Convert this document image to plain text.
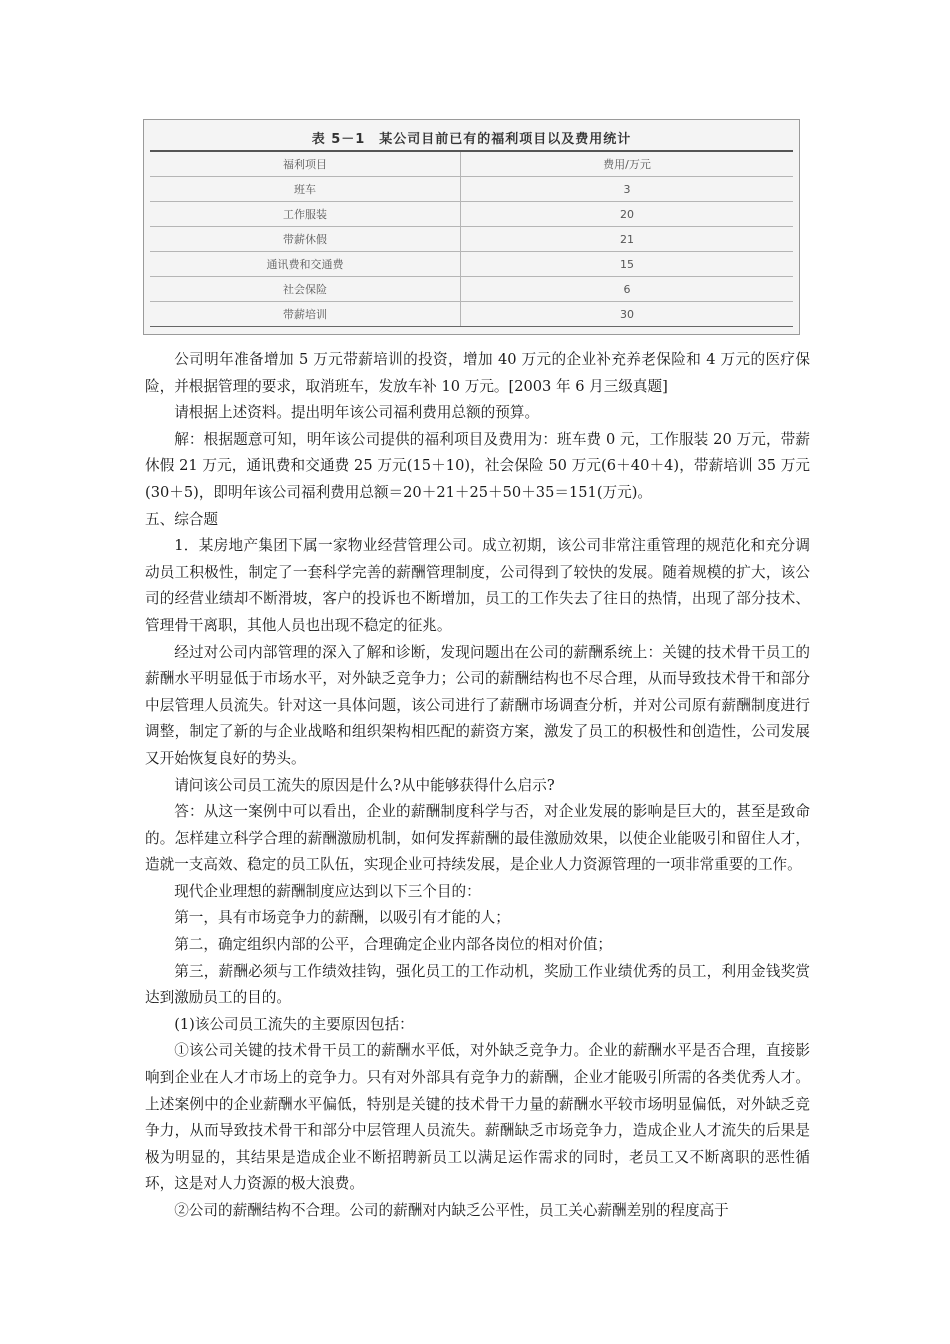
表 5－1　某公司目前已有的福利项目以及费用统计
福利项目	费用/万元
班车	3
工作服装	20
带薪休假	21
通讯费和交通费	15
社会保险	6
带薪培训	30

公司明年准备增加 5 万元带薪培训的投资，增加 40 万元的企业补充养老保险和 4 万元的医疗保险，并根据管理的要求，取消班车，发放车补 10 万元。[2003 年 6 月三级真题]

请根据上述资料。提出明年该公司福利费用总额的预算。

解：根据题意可知，明年该公司提供的福利项目及费用为：班车费 0 元，工作服装 20 万元，带薪休假 21 万元，通讯费和交通费 25 万元(15＋10)，社会保险 50 万元(6＋40＋4)，带薪培训 35 万元(30＋5)，即明年该公司福利费用总额＝20＋21＋25＋50＋35＝151(万元)。

五、综合题

1．某房地产集团下属一家物业经营管理公司。成立初期，该公司非常注重管理的规范化和充分调动员工积极性，制定了一套科学完善的薪酬管理制度，公司得到了较快的发展。随着规模的扩大，该公司的经营业绩却不断滑坡，客户的投诉也不断增加，员工的工作失去了往日的热情，出现了部分技术、管理骨干离职，其他人员也出现不稳定的征兆。

经过对公司内部管理的深入了解和诊断，发现问题出在公司的薪酬系统上：关键的技术骨干员工的薪酬水平明显低于市场水平，对外缺乏竞争力；公司的薪酬结构也不尽合理，从而导致技术骨干和部分中层管理人员流失。针对这一具体问题，该公司进行了薪酬市场调查分析，并对公司原有薪酬制度进行调整，制定了新的与企业战略和组织架构相匹配的薪资方案，激发了员工的积极性和创造性，公司发展又开始恢复良好的势头。

请问该公司员工流失的原因是什么?从中能够获得什么启示?

答：从这一案例中可以看出，企业的薪酬制度科学与否，对企业发展的影响是巨大的，甚至是致命的。怎样建立科学合理的薪酬激励机制，如何发挥薪酬的最佳激励效果，以使企业能吸引和留住人才，造就一支高效、稳定的员工队伍，实现企业可持续发展，是企业人力资源管理的一项非常重要的工作。

现代企业理想的薪酬制度应达到以下三个目的：

第一，具有市场竞争力的薪酬，以吸引有才能的人；

第二，确定组织内部的公平，合理确定企业内部各岗位的相对价值；

第三，薪酬必须与工作绩效挂钩，强化员工的工作动机，奖励工作业绩优秀的员工，利用金钱奖赏达到激励员工的目的。

(1)该公司员工流失的主要原因包括：

①该公司关键的技术骨干员工的薪酬水平低，对外缺乏竞争力。企业的薪酬水平是否合理，直接影响到企业在人才市场上的竞争力。只有对外部具有竞争力的薪酬，企业才能吸引所需的各类优秀人才。上述案例中的企业薪酬水平偏低，特别是关键的技术骨干力量的薪酬水平较市场明显偏低，对外缺乏竞争力，从而导致技术骨干和部分中层管理人员流失。薪酬缺乏市场竞争力，造成企业人才流失的后果是极为明显的，其结果是造成企业不断招聘新员工以满足运作需求的同时，老员工又不断离职的恶性循环，这是对人力资源的极大浪费。

②公司的薪酬结构不合理。公司的薪酬对内缺乏公平性，员工关心薪酬差别的程度高于
